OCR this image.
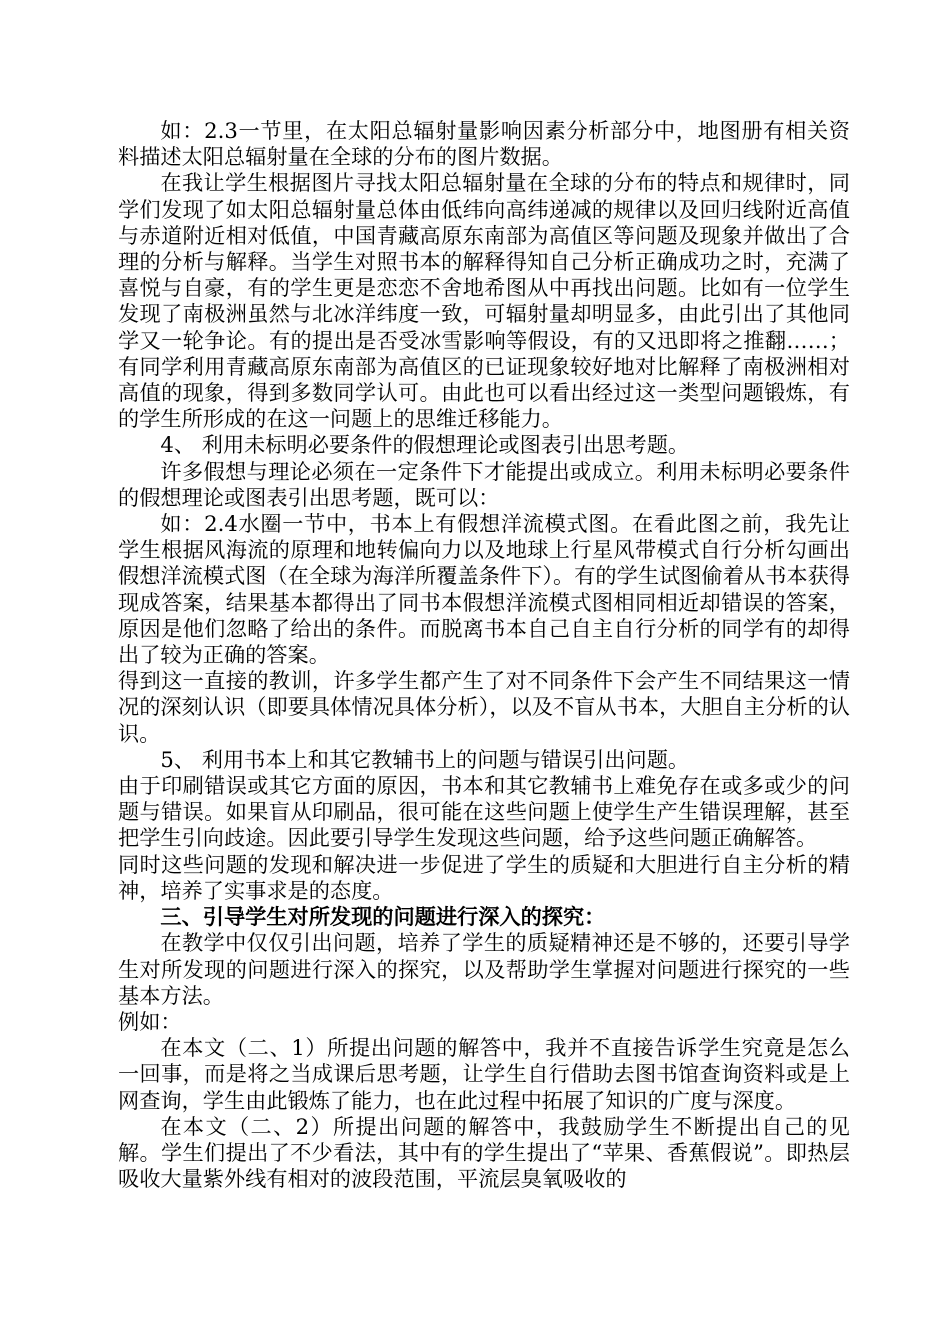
如：2.3一节里，在太阳总辐射量影响因素分析部分中，地图册有相关资料描述太阳总辐射量在全球的分布的图片数据。

在我让学生根据图片寻找太阳总辐射量在全球的分布的特点和规律时，同学们发现了如太阳总辐射量总体由低纬向高纬递减的规律以及回归线附近高值与赤道附近相对低值，中国青藏高原东南部为高值区等问题及现象并做出了合理的分析与解释。当学生对照书本的解释得知自己分析正确成功之时，充满了喜悦与自豪，有的学生更是恋恋不舍地希图从中再找出问题。比如有一位学生发现了南极洲虽然与北冰洋纬度一致，可辐射量却明显多，由此引出了其他同学又一轮争论。有的提出是否受冰雪影响等假设，有的又迅即将之推翻……；有同学利用青藏高原东南部为高值区的已证现象较好地对比解释了南极洲相对高值的现象，得到多数同学认可。由此也可以看出经过这一类型问题锻炼，有的学生所形成的在这一问题上的思维迁移能力。

4、 利用未标明必要条件的假想理论或图表引出思考题。

许多假想与理论必须在一定条件下才能提出或成立。利用未标明必要条件的假想理论或图表引出思考题，既可以：

如：2.4水圈一节中，书本上有假想洋流模式图。在看此图之前，我先让学生根据风海流的原理和地转偏向力以及地球上行星风带模式自行分析勾画出假想洋流模式图（在全球为海洋所覆盖条件下）。有的学生试图偷着从书本获得现成答案，结果基本都得出了同书本假想洋流模式图相同相近却错误的答案，原因是他们忽略了给出的条件。而脱离书本自己自主自行分析的同学有的却得出了较为正确的答案。

得到这一直接的教训，许多学生都产生了对不同条件下会产生不同结果这一情况的深刻认识（即要具体情况具体分析），以及不盲从书本，大胆自主分析的认识。

5、 利用书本上和其它教辅书上的问题与错误引出问题。

由于印刷错误或其它方面的原因，书本和其它教辅书上难免存在或多或少的问题与错误。如果盲从印刷品，很可能在这些问题上使学生产生错误理解，甚至把学生引向歧途。因此要引导学生发现这些问题，给予这些问题正确解答。

同时这些问题的发现和解决进一步促进了学生的质疑和大胆进行自主分析的精神，培养了实事求是的态度。

三、引导学生对所发现的问题进行深入的探究：

在教学中仅仅引出问题，培养了学生的质疑精神还是不够的，还要引导学生对所发现的问题进行深入的探究，以及帮助学生掌握对问题进行探究的一些基本方法。

例如：

在本文（二、1）所提出问题的解答中，我并不直接告诉学生究竟是怎么一回事，而是将之当成课后思考题，让学生自行借助去图书馆查询资料或是上网查询，学生由此锻炼了能力，也在此过程中拓展了知识的广度与深度。

在本文（二、2）所提出问题的解答中，我鼓励学生不断提出自己的见解。学生们提出了不少看法，其中有的学生提出了“苹果、香蕉假说”。即热层吸收大量紫外线有相对的波段范围，平流层臭氧吸收的
